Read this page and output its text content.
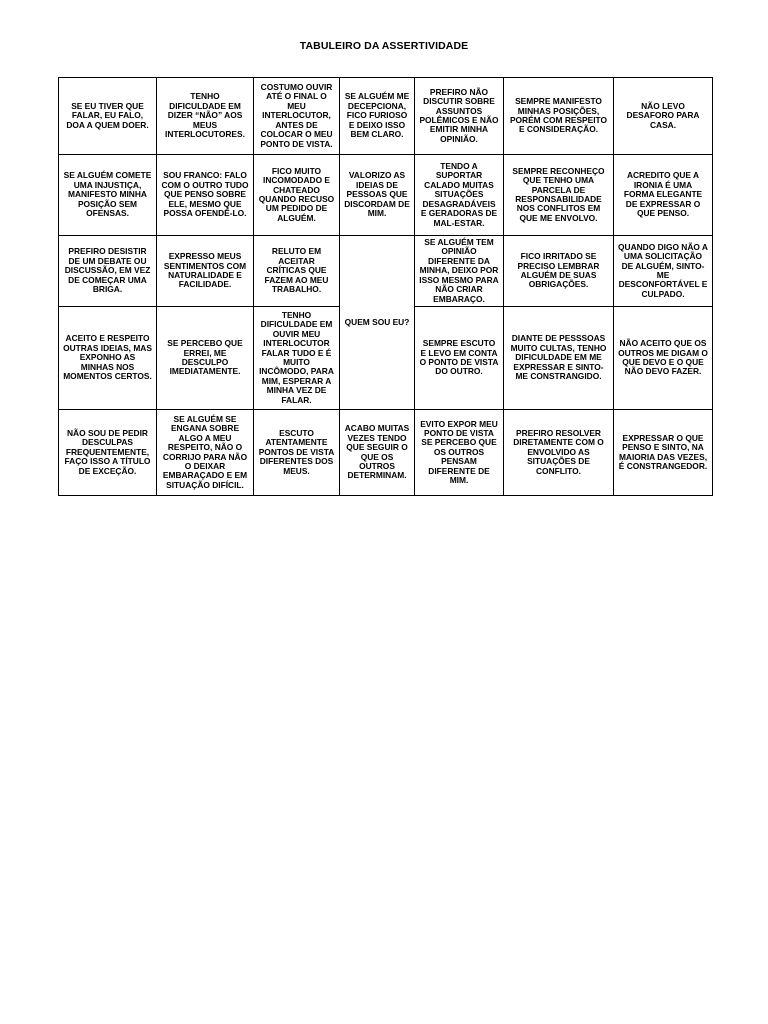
TABULEIRO DA ASSERTIVIDADE
SE EU TIVER QUE FALAR, EU FALO, DOA A QUEM DOER.	TENHO DIFICULDADE EM DIZER “NÃO” AOS MEUS INTERLOCUTORES.	COSTUMO OUVIR ATÉ O FINAL O MEU INTERLOCUTOR, ANTES DE COLOCAR O MEU PONTO DE VISTA.	SE ALGUÉM ME DECEPCIONA, FICO FURIOSO E DEIXO ISSO BEM CLARO.	PREFIRO NÃO DISCUTIR SOBRE ASSUNTOS POLÊMICOS E NÃO EMITIR MINHA OPINIÃO.	SEMPRE MANIFESTO MINHAS POSIÇÕES, PORÉM COM RESPEITO E CONSIDERAÇÃO.	NÃO LEVO DESAFORO PARA CASA.
SE ALGUÉM COMETE UMA INJUSTIÇA, MANIFESTO MINHA POSIÇÃO SEM OFENSAS.	SOU FRANCO: FALO COM O OUTRO TUDO QUE PENSO SOBRE ELE, MESMO QUE POSSA OFENDÊ-LO.	FICO MUITO INCOMODADO E CHATEADO QUANDO RECUSO UM PEDIDO DE ALGUÉM.	VALORIZO AS IDEIAS DE PESSOAS QUE DISCORDAM DE MIM.	TENDO A SUPORTAR CALADO MUITAS SITUAÇÕES DESAGRADÁVEIS E GERADORAS DE MAL-ESTAR.	SEMPRE RECONHEÇO QUE TENHO UMA PARCELA DE RESPONSABILIDADE NOS CONFLITOS EM QUE ME ENVOLVO.	ACREDITO QUE A IRONIA É UMA FORMA ELEGANTE DE EXPRESSAR O QUE PENSO.
PREFIRO DESISTIR DE UM DEBATE OU DISCUSSÃO, EM VEZ DE COMEÇAR UMA BRIGA.	EXPRESSO MEUS SENTIMENTOS COM NATURALIDADE E FACILIDADE.	RELUTO EM ACEITAR CRÍTICAS QUE FAZEM AO MEU TRABALHO.	QUEM SOU EU?	SE ALGUÉM TEM OPINIÃO DIFERENTE DA MINHA, DEIXO POR ISSO MESMO PARA NÃO CRIAR EMBARAÇO.	FICO IRRITADO SE PRECISO LEMBRAR ALGUÉM DE SUAS OBRIGAÇÕES.	QUANDO DIGO NÃO A UMA SOLICITAÇÃO DE ALGUÉM, SINTO-ME DESCONFORTÁVEL E CULPADO.
ACEITO E RESPEITO OUTRAS IDEIAS, MAS EXPONHO AS MINHAS NOS MOMENTOS CERTOS.	SE PERCEBO QUE ERREI, ME DESCULPO IMEDIATAMENTE.	TENHO DIFICULDADE EM OUVIR MEU INTERLOCUTOR FALAR TUDO E É MUITO INCÔMODO, PARA MIM, ESPERAR A MINHA VEZ DE FALAR.		SEMPRE ESCUTO E LEVO EM CONTA O PONTO DE VISTA DO OUTRO.	DIANTE DE PESSSOAS MUITO CULTAS, TENHO DIFICULDADE EM ME EXPRESSAR E SINTO-ME CONSTRANGIDO.	NÃO ACEITO QUE OS OUTROS ME DIGAM O QUE DEVO E O QUE NÃO DEVO FAZER.
NÃO SOU DE PEDIR DESCULPAS FREQUENTEMENTE, FAÇO ISSO A TÍTULO DE EXCEÇÃO.	SE ALGUÉM SE ENGANA SOBRE ALGO A MEU RESPEITO, NÃO O CORRIJO PARA NÃO O DEIXAR EMBARAÇADO E EM SITUAÇÃO DIFÍCIL.	ESCUTO ATENTAMENTE PONTOS DE VISTA DIFERENTES DOS MEUS.	ACABO MUITAS VEZES TENDO QUE SEGUIR O QUE OS OUTROS DETERMINAM.	EVITO EXPOR MEU PONTO DE VISTA SE PERCEBO QUE OS OUTROS PENSAM DIFERENTE DE MIM.	PREFIRO RESOLVER DIRETAMENTE COM O ENVOLVIDO AS SITUAÇÕES DE CONFLITO.	EXPRESSAR O QUE PENSO E SINTO, NA MAIORIA DAS VEZES, É CONSTRANGEDOR.
